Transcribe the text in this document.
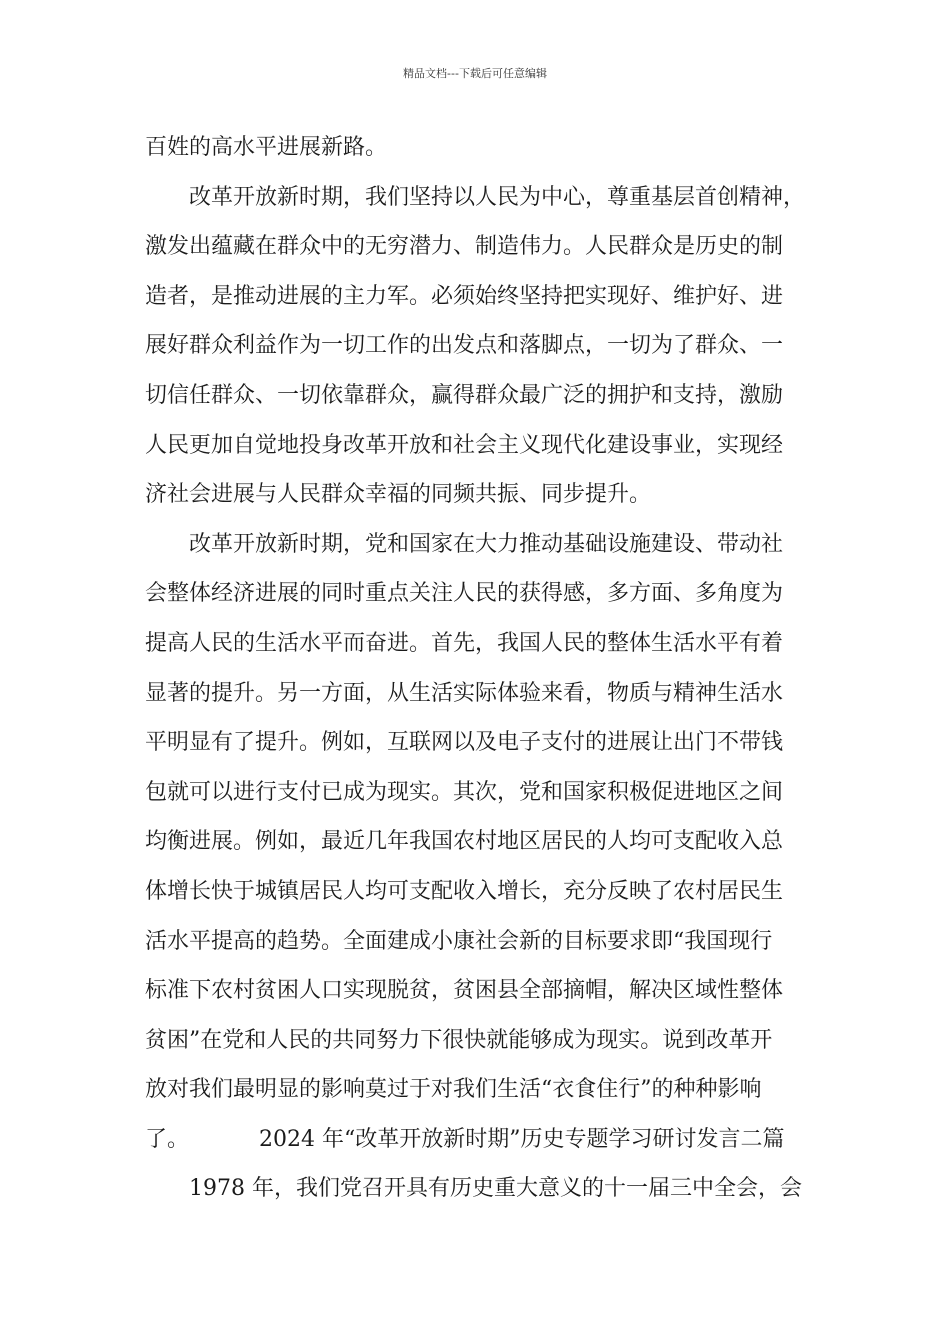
精品文档---下载后可任意编辑
百姓的高水平进展新路。
改革开放新时期，我们坚持以人民为中心，尊重基层首创精神，
激发出蕴藏在群众中的无穷潜力、制造伟力。人民群众是历史的制
造者，是推动进展的主力军。必须始终坚持把实现好、维护好、进
展好群众利益作为一切工作的出发点和落脚点，一切为了群众、一
切信任群众、一切依靠群众，赢得群众最广泛的拥护和支持，激励
人民更加自觉地投身改革开放和社会主义现代化建设事业，实现经
济社会进展与人民群众幸福的同频共振、同步提升。
改革开放新时期，党和国家在大力推动基础设施建设、带动社
会整体经济进展的同时重点关注人民的获得感，多方面、多角度为
提高人民的生活水平而奋进。首先，我国人民的整体生活水平有着
显著的提升。另一方面，从生活实际体验来看，物质与精神生活水
平明显有了提升。例如，互联网以及电子支付的进展让出门不带钱
包就可以进行支付已成为现实。其次，党和国家积极促进地区之间
均衡进展。例如，最近几年我国农村地区居民的人均可支配收入总
体增长快于城镇居民人均可支配收入增长，充分反映了农村居民生
活水平提高的趋势。全面建成小康社会新的目标要求即“我国现行
标准下农村贫困人口实现脱贫，贫困县全部摘帽，解决区域性整体
贫困”在党和人民的共同努力下很快就能够成为现实。说到改革开
放对我们最明显的影响莫过于对我们生活“衣食住行”的种种影响
了。	2024 年“改革开放新时期”历史专题学习研讨发言二篇
1978 年，我们党召开具有历史重大意义的十一届三中全会，会
